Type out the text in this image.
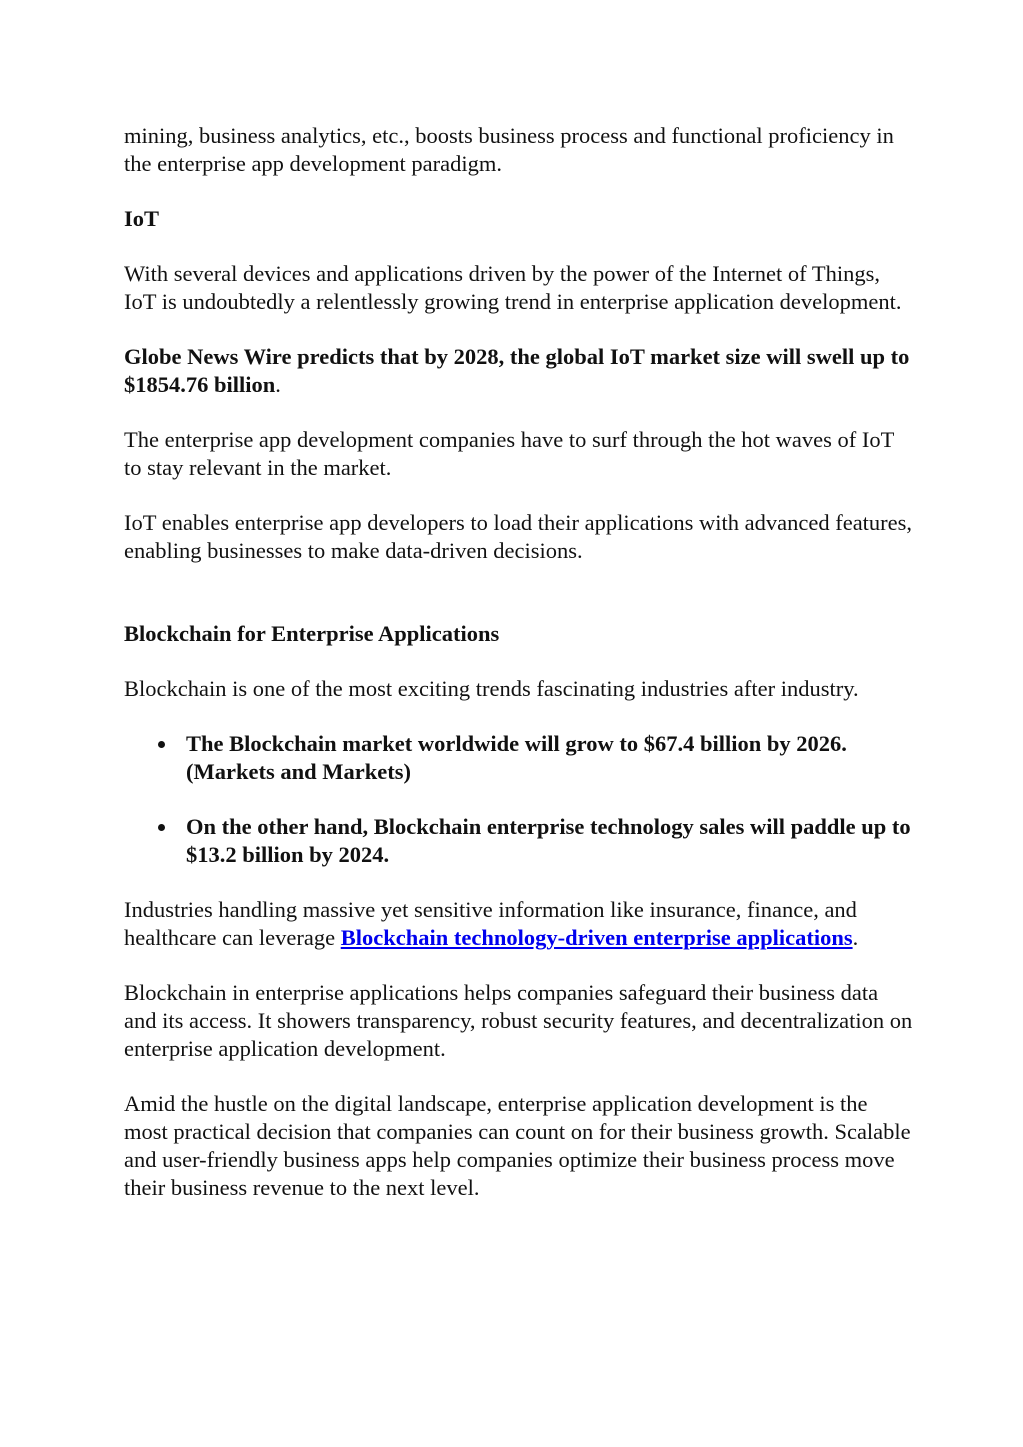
mining, business analytics, etc., boosts business process and functional proficiency in the enterprise app development paradigm.

IoT

With several devices and applications driven by the power of the Internet of Things, IoT is undoubtedly a relentlessly growing trend in enterprise application development.

Globe News Wire predicts that by 2028, the global IoT market size will swell up to $1854.76 billion.

The enterprise app development companies have to surf through the hot waves of IoT to stay relevant in the market.

IoT enables enterprise app developers to load their applications with advanced features, enabling businesses to make data-driven decisions.

Blockchain for Enterprise Applications

Blockchain is one of the most exciting trends fascinating industries after industry.

The Blockchain market worldwide will grow to $67.4 billion by 2026. (Markets and Markets)
On the other hand, Blockchain enterprise technology sales will paddle up to $13.2 billion by 2024.

Industries handling massive yet sensitive information like insurance, finance, and healthcare can leverage Blockchain technology-driven enterprise applications.

Blockchain in enterprise applications helps companies safeguard their business data and its access. It showers transparency, robust security features, and decentralization on enterprise application development.

Amid the hustle on the digital landscape, enterprise application development is the most practical decision that companies can count on for their business growth. Scalable and user-friendly business apps help companies optimize their business process move their business revenue to the next level.
